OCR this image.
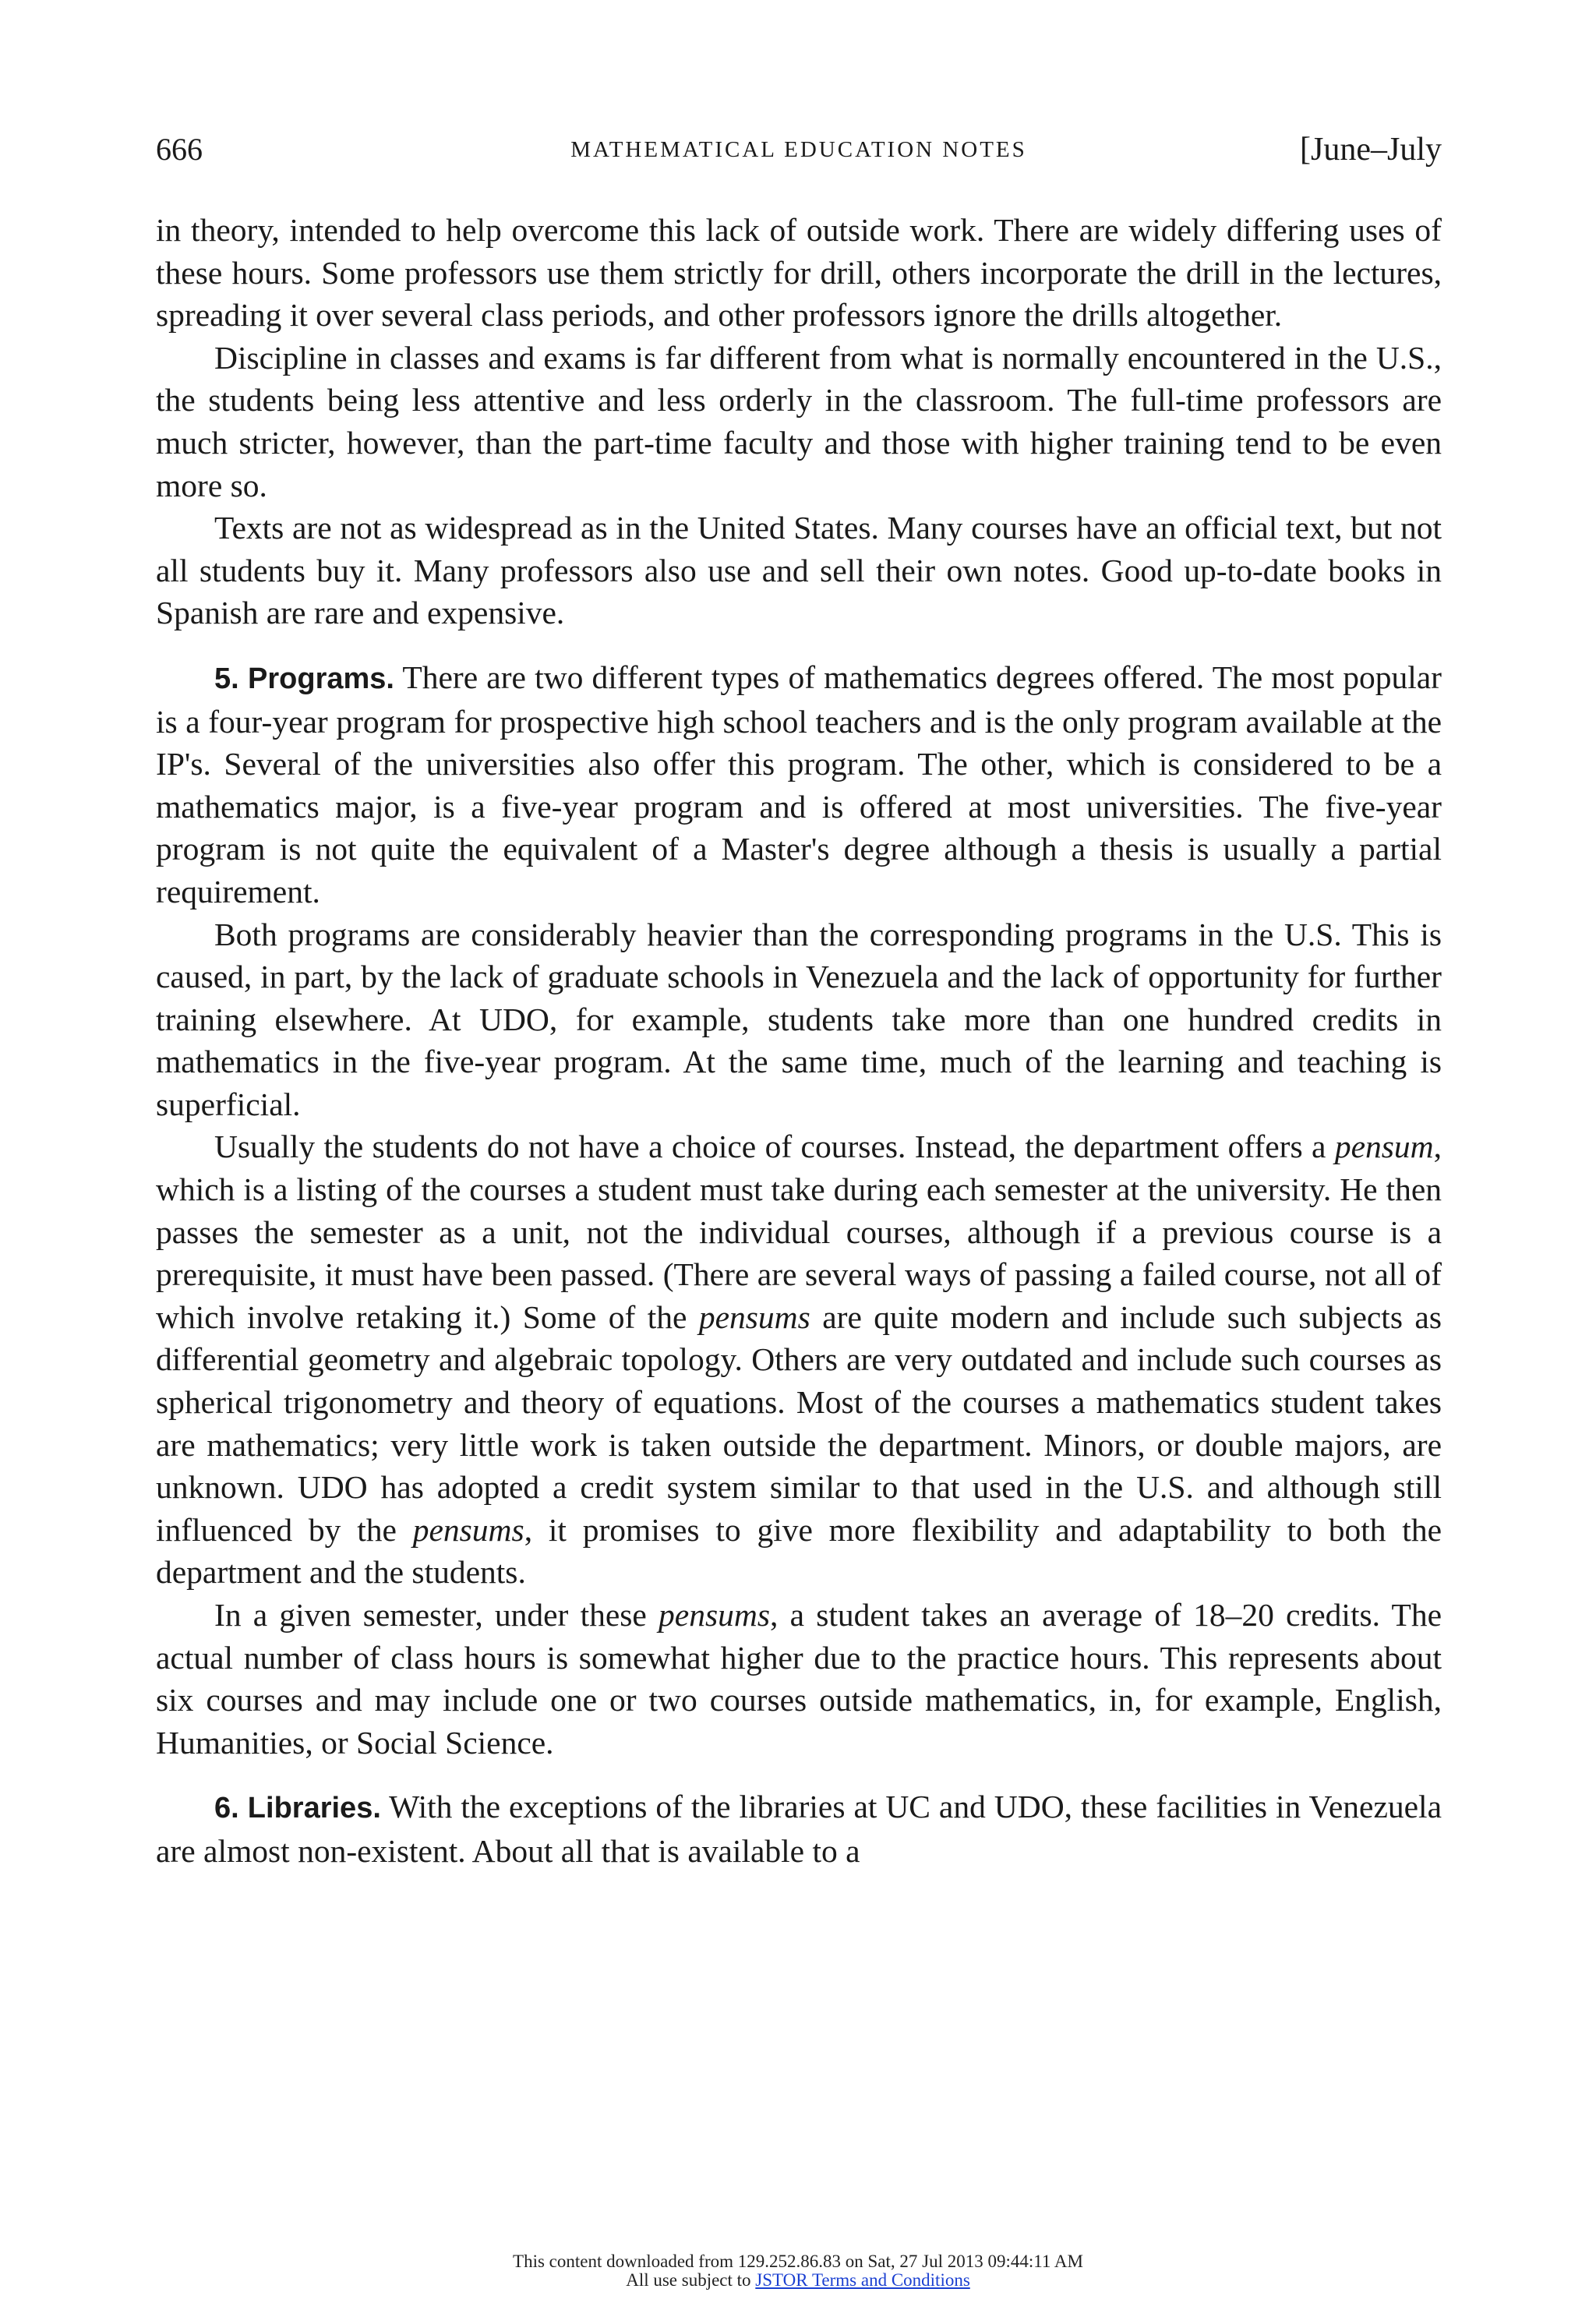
666	MATHEMATICAL EDUCATION NOTES	[June–July

in theory, intended to help overcome this lack of outside work. There are widely differing uses of these hours. Some professors use them strictly for drill, others incorporate the drill in the lectures, spreading it over several class periods, and other professors ignore the drills altogether.

Discipline in classes and exams is far different from what is normally encountered in the U.S., the students being less attentive and less orderly in the classroom. The full-time professors are much stricter, however, than the part-time faculty and those with higher training tend to be even more so.

Texts are not as widespread as in the United States. Many courses have an official text, but not all students buy it. Many professors also use and sell their own notes. Good up-to-date books in Spanish are rare and expensive.

5. Programs. There are two different types of mathematics degrees offered. The most popular is a four-year program for prospective high school teachers and is the only program available at the IP's. Several of the universities also offer this program. The other, which is considered to be a mathematics major, is a five-year program and is offered at most universities. The five-year program is not quite the equivalent of a Master's degree although a thesis is usually a partial requirement.

Both programs are considerably heavier than the corresponding programs in the U.S. This is caused, in part, by the lack of graduate schools in Venezuela and the lack of opportunity for further training elsewhere. At UDO, for example, students take more than one hundred credits in mathematics in the five-year program. At the same time, much of the learning and teaching is superficial.

Usually the students do not have a choice of courses. Instead, the department offers a pensum, which is a listing of the courses a student must take during each semester at the university. He then passes the semester as a unit, not the individual courses, although if a previous course is a prerequisite, it must have been passed. (There are several ways of passing a failed course, not all of which involve retaking it.) Some of the pensums are quite modern and include such subjects as differential geometry and algebraic topology. Others are very outdated and include such courses as spherical trigonometry and theory of equations. Most of the courses a mathematics student takes are mathematics; very little work is taken outside the department. Minors, or double majors, are unknown. UDO has adopted a credit system similar to that used in the U.S. and although still influenced by the pensums, it promises to give more flexibility and adaptability to both the department and the students.

In a given semester, under these pensums, a student takes an average of 18–20 credits. The actual number of class hours is somewhat higher due to the practice hours. This represents about six courses and may include one or two courses outside mathematics, in, for example, English, Humanities, or Social Science.

6. Libraries. With the exceptions of the libraries at UC and UDO, these facilities in Venezuela are almost non-existent. About all that is available to a

This content downloaded from 129.252.86.83 on Sat, 27 Jul 2013 09:44:11 AM
All use subject to JSTOR Terms and Conditions
